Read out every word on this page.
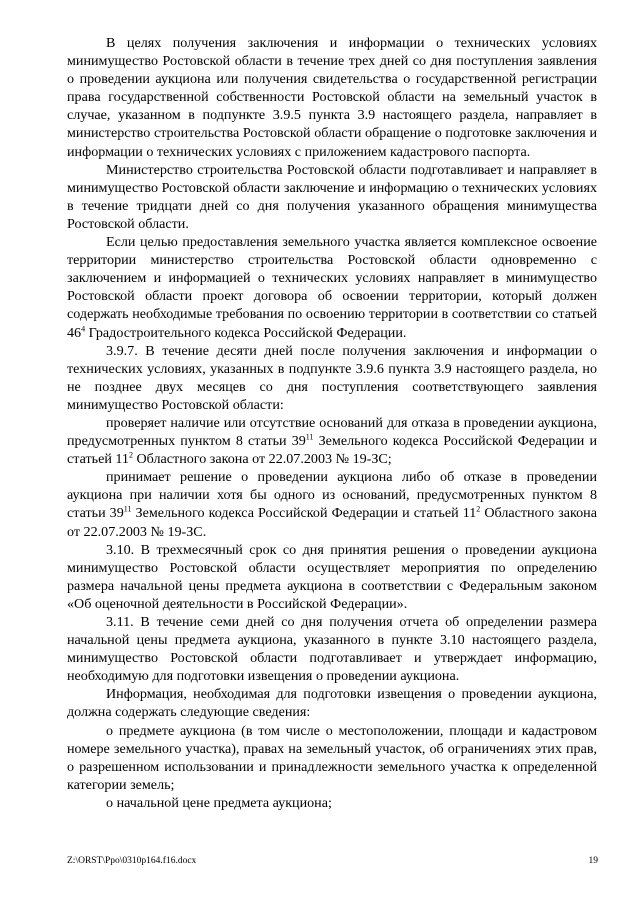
В целях получения заключения и информации о технических условиях минимущество Ростовской области в течение трех дней со дня поступления заявления о проведении аукциона или получения свидетельства о государственной регистрации права государственной собственности Ростовской области на земельный участок в случае, указанном в подпункте 3.9.5 пункта 3.9 настоящего раздела, направляет в министерство строительства Ростовской области обращение о подготовке заключения и информации о технических условиях с приложением кадастрового паспорта.

Министерство строительства Ростовской области подготавливает и направляет в минимущество Ростовской области заключение и информацию о технических условиях в течение тридцати дней со дня получения указанного обращения минимущества Ростовской области.

Если целью предоставления земельного участка является комплексное освоение территории министерство строительства Ростовской области одновременно с заключением и информацией о технических условиях направляет в минимущество Ростовской области проект договора об освоении территории, который должен содержать необходимые требования по освоению территории в соответствии со статьей $46^4$ Градостроительного кодекса Российской Федерации.

3.9.7. В течение десяти дней после получения заключения и информации о технических условиях, указанных в подпункте 3.9.6 пункта 3.9 настоящего раздела, но не позднее двух месяцев со дня поступления соответствующего заявления минимущество Ростовской области:

проверяет наличие или отсутствие оснований для отказа в проведении аукциона, предусмотренных пунктом 8 статьи $39^{11}$ Земельного кодекса Российской Федерации и статьей $11^2$ Областного закона от 22.07.2003 № 19-ЗС;

принимает решение о проведении аукциона либо об отказе в проведении аукциона при наличии хотя бы одного из оснований, предусмотренных пунктом 8 статьи $39^{11}$ Земельного кодекса Российской Федерации и статьей $11^2$ Областного закона от 22.07.2003 № 19-ЗС.

3.10. В трехмесячный срок со дня принятия решения о проведении аукциона минимущество Ростовской области осуществляет мероприятия по определению размера начальной цены предмета аукциона в соответствии с Федеральным законом «Об оценочной деятельности в Российской Федерации».

3.11. В течение семи дней со дня получения отчета об определении размера начальной цены предмета аукциона, указанного в пункте 3.10 настоящего раздела, минимущество Ростовской области подготавливает и утверждает информацию, необходимую для подготовки извещения о проведении аукциона.

Информация, необходимая для подготовки извещения о проведении аукциона, должна содержать следующие сведения:

о предмете аукциона (в том числе о местоположении, площади и кадастровом номере земельного участка), правах на земельный участок, об ограничениях этих прав, о разрешенном использовании и принадлежности земельного участка к определенной категории земель;

о начальной цене предмета аукциона;

Z:\ORST\Ppo\0310p164.f16.docx	19
